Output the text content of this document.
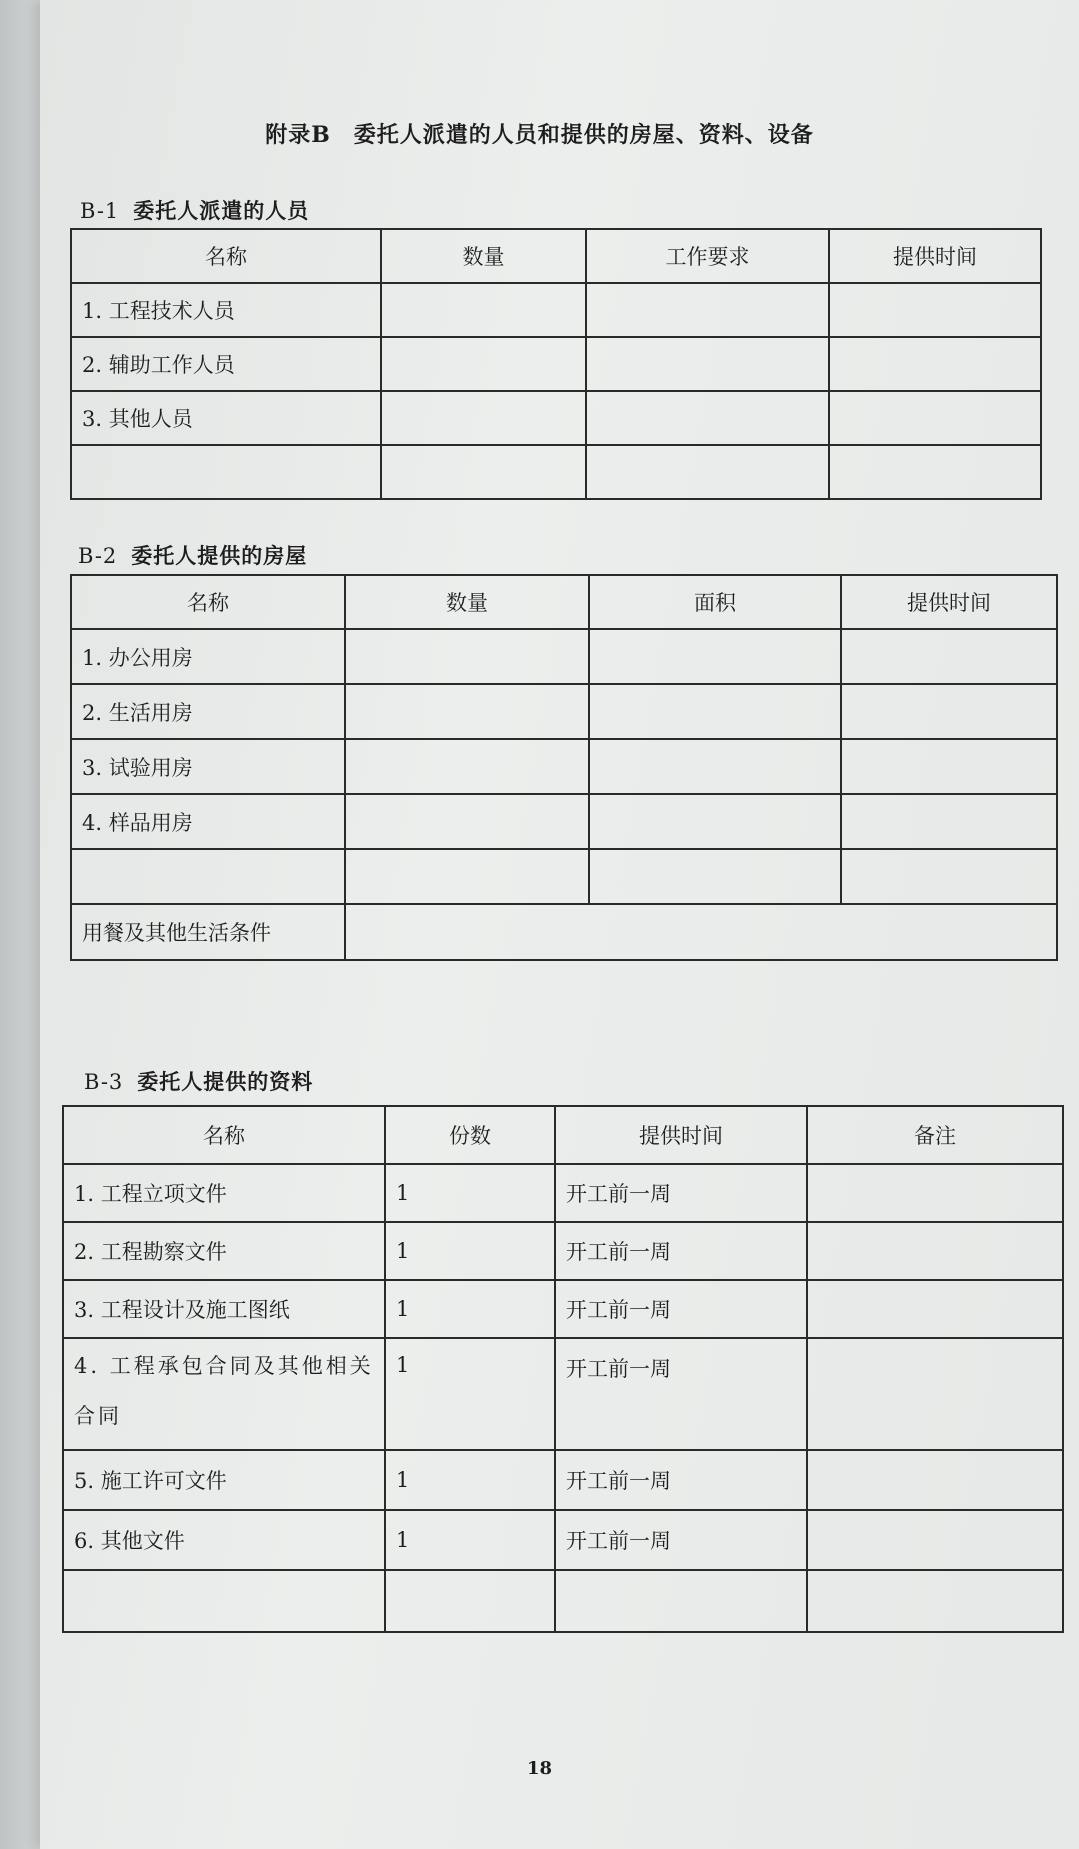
附录B　委托人派遣的人员和提供的房屋、资料、设备
B-1 委托人派遣的人员
名称	数量	工作要求	提供时间
1. 工程技术人员			
2. 辅助工作人员			
3. 其他人员			

B-2 委托人提供的房屋
名称	数量	面积	提供时间
1. 办公用房			
2. 生活用房			
3. 试验用房			
4. 样品用房			

用餐及其他生活条件			
B-3 委托人提供的资料
名称	份数	提供时间	备注
1. 工程立项文件	1	开工前一周	
2. 工程勘察文件	1	开工前一周	
3. 工程设计及施工图纸	1	开工前一周	
4. 工程承包合同及其他相关合同	1	开工前一周	
5. 施工许可文件	1	开工前一周	
6. 其他文件	1	开工前一周	

18
